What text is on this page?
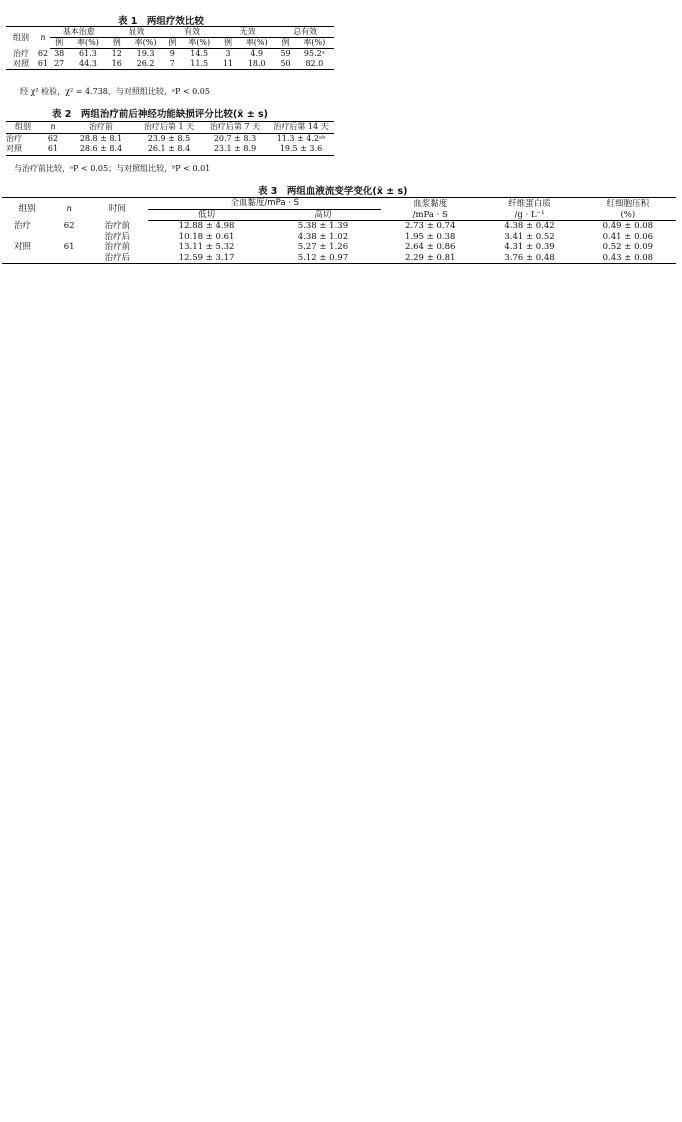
表 1　两组疗效比较
组别	n	基本治愈		显效		有效		无效		总有效	
		例	率(%)	例	率(%)	例	率(%)	例	率(%)	例	率(%)
治疗	62	38	61.3	12	19.3	9	14.5	3	4.9	59	95.2ᵃ
对照	61	27	44.3	16	26.2	7	11.5	11	18.0	50	82.0
经 χ² 检验，χ² = 4.738，与对照组比较，ᵃP < 0.05
表 2　两组治疗前后神经功能缺损评分比较(x̄ ± s)
组别	n	治疗前	治疗后第 1 天	治疗后第 7 天	治疗后第 14 天
治疗	62	28.8 ± 8.1	23.9 ± 8.5	20.7 ± 8.3	11.3 ± 4.2ᵃᵇ
对照	61	28.6 ± 8.4	26.1 ± 8.4	23.1 ± 8.9	19.5 ± 3.6
与治疗前比较，ᵃP < 0.05；与对照组比较，ᵇP < 0.01
表 3　两组血液流变学变化(x̄ ± s)
组别	n	时间	全血黏度/mPa · S		血浆黏度	纤维蛋白质	红细胞压积
			低切	高切	/mPa · S	/g · L⁻¹	(%)
治疗	62	治疗前	12.88 ± 4.98	5.38 ± 1.39	2.73 ± 0.74	4.38 ± 0.42	0.49 ± 0.08
		治疗后	10.18 ± 0.61	4.38 ± 1.02	1.95 ± 0.38	3.41 ± 0.52	0.41 ± 0.06
对照	61	治疗前	13.11 ± 5.32	5.27 ± 1.26	2.64 ± 0.86	4.31 ± 0.39	0.52 ± 0.09
		治疗后	12.59 ± 3.17	5.12 ± 0.97	2.29 ± 0.81	3.76 ± 0.48	0.43 ± 0.08
